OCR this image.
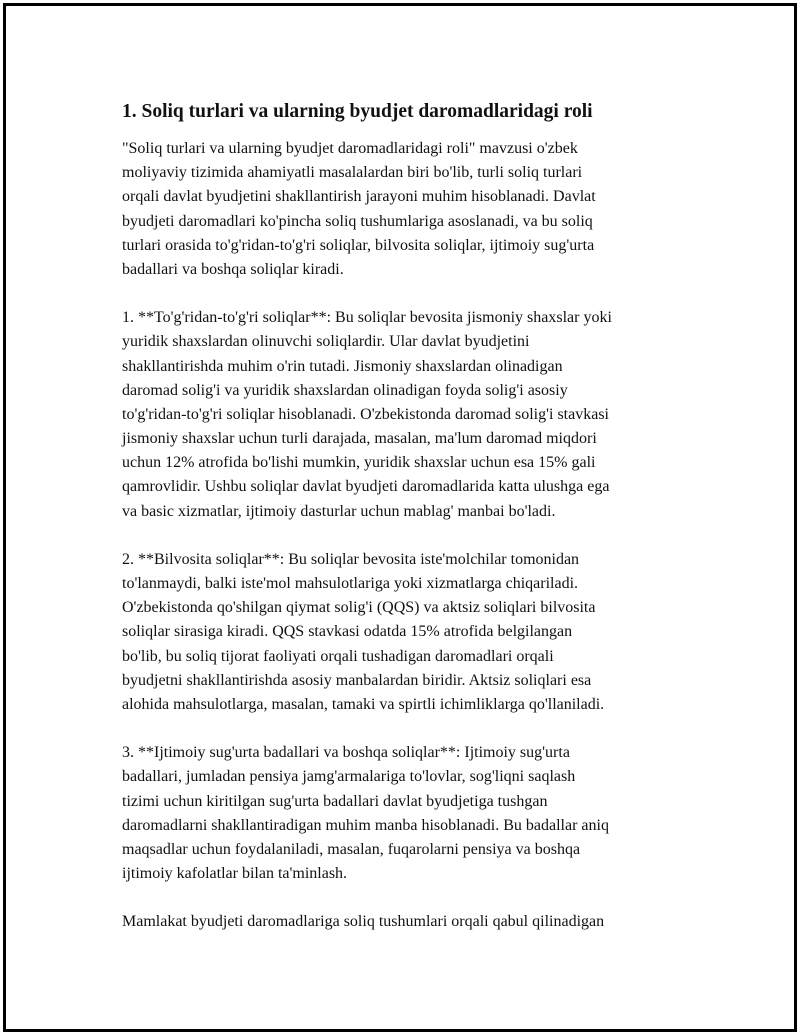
1. Soliq turlari va ularning byudjet daromadlaridagi roli
"Soliq turlari va ularning byudjet daromadlaridagi roli" mavzusi o'zbek
moliyaviy tizimida ahamiyatli masalalardan biri bo'lib, turli soliq turlari
orqali davlat byudjetini shakllantirish jarayoni muhim hisoblanadi. Davlat
byudjeti daromadlari ko'pincha soliq tushumlariga asoslanadi, va bu soliq
turlari orasida to'g'ridan-to'g'ri soliqlar, bilvosita soliqlar, ijtimoiy sug'urta
badallari va boshqa soliqlar kiradi.
1. **To'g'ridan-to'g'ri soliqlar**: Bu soliqlar bevosita jismoniy shaxslar yoki
yuridik shaxslardan olinuvchi soliqlardir. Ular davlat byudjetini
shakllantirishda muhim o'rin tutadi. Jismoniy shaxslardan olinadigan
daromad solig'i va yuridik shaxslardan olinadigan foyda solig'i asosiy
to'g'ridan-to'g'ri soliqlar hisoblanadi. O'zbekistonda daromad solig'i stavkasi
jismoniy shaxslar uchun turli darajada, masalan, ma'lum daromad miqdori
uchun 12% atrofida bo'lishi mumkin, yuridik shaxslar uchun esa 15% gali
qamrovlidir. Ushbu soliqlar davlat byudjeti daromadlarida katta ulushga ega
va basic xizmatlar, ijtimoiy dasturlar uchun mablag' manbai bo'ladi.
2. **Bilvosita soliqlar**: Bu soliqlar bevosita iste'molchilar tomonidan
to'lanmaydi, balki iste'mol mahsulotlariga yoki xizmatlarga chiqariladi.
O'zbekistonda qo'shilgan qiymat solig'i (QQS) va aktsiz soliqlari bilvosita
soliqlar sirasiga kiradi. QQS stavkasi odatda 15% atrofida belgilangan
bo'lib, bu soliq tijorat faoliyati orqali tushadigan daromadlari orqali
byudjetni shakllantirishda asosiy manbalardan biridir. Aktsiz soliqlari esa
alohida mahsulotlarga, masalan, tamaki va spirtli ichimliklarga qo'llaniladi.
3. **Ijtimoiy sug'urta badallari va boshqa soliqlar**: Ijtimoiy sug'urta
badallari, jumladan pensiya jamg'armalariga to'lovlar, sog'liqni saqlash
tizimi uchun kiritilgan sug'urta badallari davlat byudjetiga tushgan
daromadlarni shakllantiradigan muhim manba hisoblanadi. Bu badallar aniq
maqsadlar uchun foydalaniladi, masalan, fuqarolarni pensiya va boshqa
ijtimoiy kafolatlar bilan ta'minlash.
Mamlakat byudjeti daromadlariga soliq tushumlari orqali qabul qilinadigan
